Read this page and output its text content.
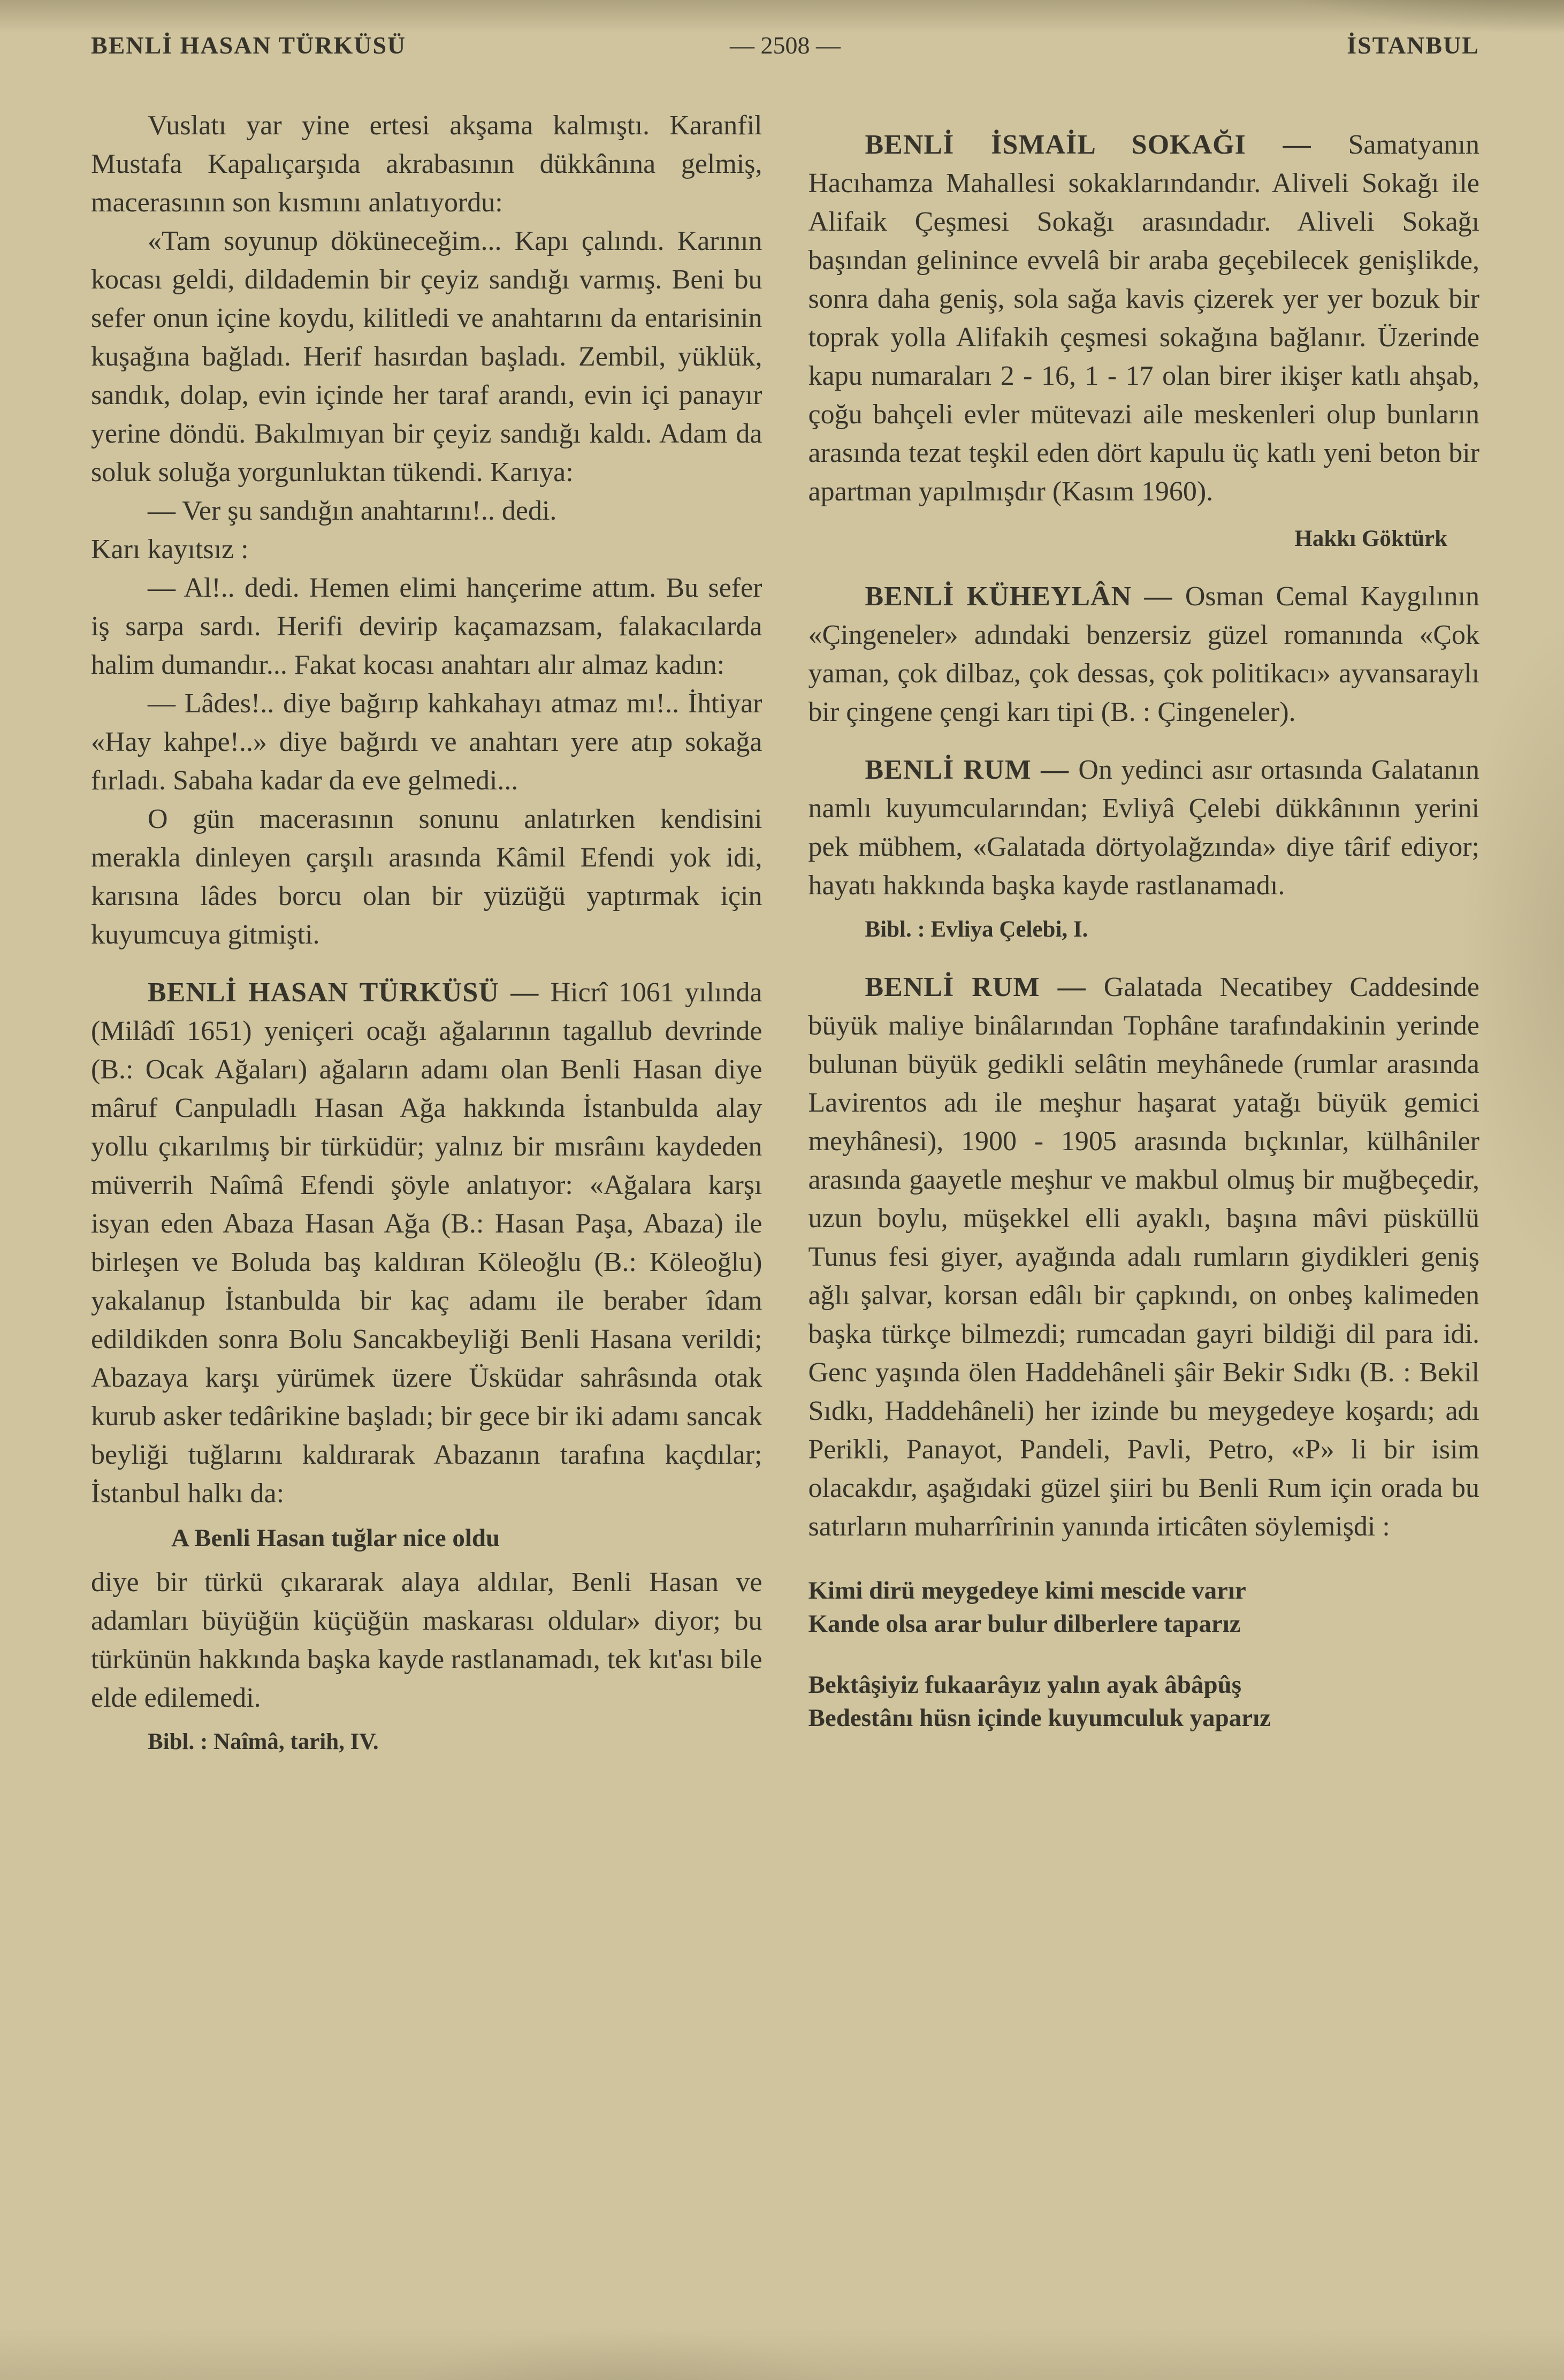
BENLİ HASAN TÜRKÜSÜ	— 2508 —	İSTANBUL

Vuslatı yar yine ertesi akşama kalmıştı. Karanfil Mustafa Kapalıçarşıda akrabasının dükkânına gelmiş, macerasının son kısmını anlatıyordu:

«Tam soyunup döküneceğim... Kapı çalındı. Karının kocası geldi, dildademin bir çeyiz sandığı varmış. Beni bu sefer onun içine koydu, kilitledi ve anahtarını da entarisinin kuşağına bağladı. Herif hasırdan başladı. Zembil, yüklük, sandık, dolap, evin içinde her taraf arandı, evin içi panayır yerine döndü. Bakılmıyan bir çeyiz sandığı kaldı. Adam da soluk soluğa yorgunluktan tükendi. Karıya:

— Ver şu sandığın anahtarını!.. dedi.

Karı kayıtsız :

— Al!.. dedi. Hemen elimi hançerime attım. Bu sefer iş sarpa sardı. Herifi devirip kaçamazsam, falakacılarda halim dumandır... Fakat kocası anahtarı alır almaz kadın:

— Lâdes!.. diye bağırıp kahkahayı atmaz mı!.. İhtiyar «Hay kahpe!..» diye bağırdı ve anahtarı yere atıp sokağa fırladı. Sabaha kadar da eve gelmedi...

O gün macerasının sonunu anlatırken kendisini merakla dinleyen çarşılı arasında Kâmil Efendi yok idi, karısına lâdes borcu olan bir yüzüğü yaptırmak için kuyumcuya gitmişti.

BENLİ HASAN TÜRKÜSÜ — Hicrî 1061 yılında (Milâdî 1651) yeniçeri ocağı ağalarının tagallub devrinde (B.: Ocak Ağaları) ağaların adamı olan Benli Hasan diye mâruf Canpuladlı Hasan Ağa hakkında İstanbulda alay yollu çıkarılmış bir türküdür; yalnız bir mısrâını kaydeden müverrih Naîmâ Efendi şöyle anlatıyor: «Ağalara karşı isyan eden Abaza Hasan Ağa (B.: Hasan Paşa, Abaza) ile birleşen ve Boluda baş kaldıran Köleoğlu (B.: Köleoğlu) yakalanup İstanbulda bir kaç adamı ile beraber îdam edildikden sonra Bolu Sancakbeyliği Benli Hasana verildi; Abazaya karşı yürümek üzere Üsküdar sahrâsında otak kurub asker tedârikine başladı; bir gece bir iki adamı sancak beyliği tuğlarını kaldırarak Abazanın tarafına kaçdılar; İstanbul halkı da:

A Benli Hasan tuğlar nice oldu

diye bir türkü çıkararak alaya aldılar, Benli Hasan ve adamları büyüğün küçüğün maskarası oldular» diyor; bu türkünün hakkında başka kayde rastlanamadı, tek kıt'ası bile elde edilemedi.

Bibl. : Naîmâ, tarih, IV.

BENLİ İSMAİL SOKAĞI — Samatyanın Hacıhamza Mahallesi sokaklarındandır. Aliveli Sokağı ile Alifaik Çeşmesi Sokağı arasındadır. Aliveli Sokağı başından gelinince evvelâ bir araba geçebilecek genişlikde, sonra daha geniş, sola sağa kavis çizerek yer yer bozuk bir toprak yolla Alifakih çeşmesi sokağına bağlanır. Üzerinde kapu numaraları 2 - 16, 1 - 17 olan birer ikişer katlı ahşab, çoğu bahçeli evler mütevazi aile meskenleri olup bunların arasında tezat teşkil eden dört kapulu üç katlı yeni beton bir apartman yapılmışdır (Kasım 1960).

Hakkı Göktürk

BENLİ KÜHEYLÂN — Osman Cemal Kaygılının «Çingeneler» adındaki benzersiz güzel romanında «Çok yaman, çok dilbaz, çok dessas, çok politikacı» ayvansaraylı bir çingene çengi karı tipi (B. : Çingeneler).

BENLİ RUM — On yedinci asır ortasında Galatanın namlı kuyumcularından; Evliyâ Çelebi dükkânının yerini pek mübhem, «Galatada dörtyolağzında» diye târif ediyor; hayatı hakkında başka kayde rastlanamadı.

Bibl. : Evliya Çelebi, I.

BENLİ RUM — Galatada Necatibey Caddesinde büyük maliye binâlarından Tophâne tarafındakinin yerinde bulunan büyük gedikli selâtin meyhânede (rumlar arasında Lavirentos adı ile meşhur haşarat yatağı büyük gemici meyhânesi), 1900 - 1905 arasında bıçkınlar, külhâniler arasında gaayetle meşhur ve makbul olmuş bir muğbeçedir, uzun boylu, müşekkel elli ayaklı, başına mâvi püsküllü Tunus fesi giyer, ayağında adalı rumların giydikleri geniş ağlı şalvar, korsan edâlı bir çapkındı, on onbeş kalimeden başka türkçe bilmezdi; rumcadan gayri bildiği dil para idi. Genc yaşında ölen Haddehâneli şâir Bekir Sıdkı (B. : Bekil Sıdkı, Haddehâneli) her izinde bu meygedeye koşardı; adı Perikli, Panayot, Pandeli, Pavli, Petro, «P» li bir isim olacakdır, aşağıdaki güzel şiiri bu Benli Rum için orada bu satırların muharrîrinin yanında irticâten söylemişdi :

Kimi dirü meygedeye kimi mescide varır
Kande olsa arar bulur dilberlere taparız

Bektâşiyiz fukaarâyız yalın ayak âbâpûş
Bedestânı hüsn içinde kuyumculuk yaparız
